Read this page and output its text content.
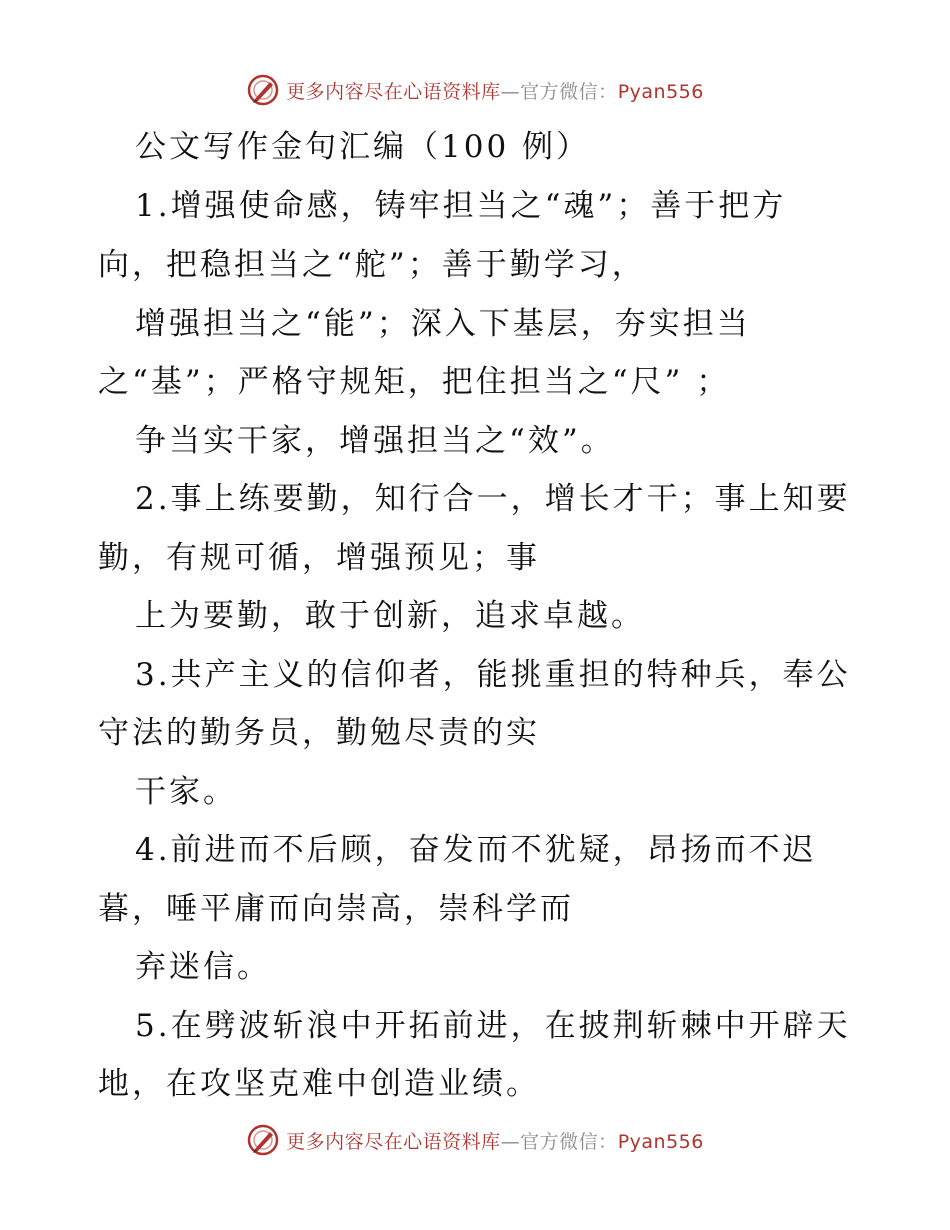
更多内容尽在心语资料库—官方微信：Pyan556
公文写作金句汇编（100 例）
1.增强使命感，铸牢担当之“魂”；善于把方
向，把稳担当之“舵”；善于勤学习，
增强担当之“能”；深入下基层，夯实担当
之“基”；严格守规矩，把住担当之“尺” ；
争当实干家，增强担当之“效”。
2.事上练要勤，知行合一，增长才干；事上知要
勤，有规可循，增强预见；事
上为要勤，敢于创新，追求卓越。
3.共产主义的信仰者，能挑重担的特种兵，奉公
守法的勤务员，勤勉尽责的实
干家。
4.前进而不后顾，奋发而不犹疑，昂扬而不迟
暮，唾平庸而向崇高，崇科学而
弃迷信。
5.在劈波斩浪中开拓前进，在披荆斩棘中开辟天
地，在攻坚克难中创造业绩。
更多内容尽在心语资料库—官方微信：Pyan556
